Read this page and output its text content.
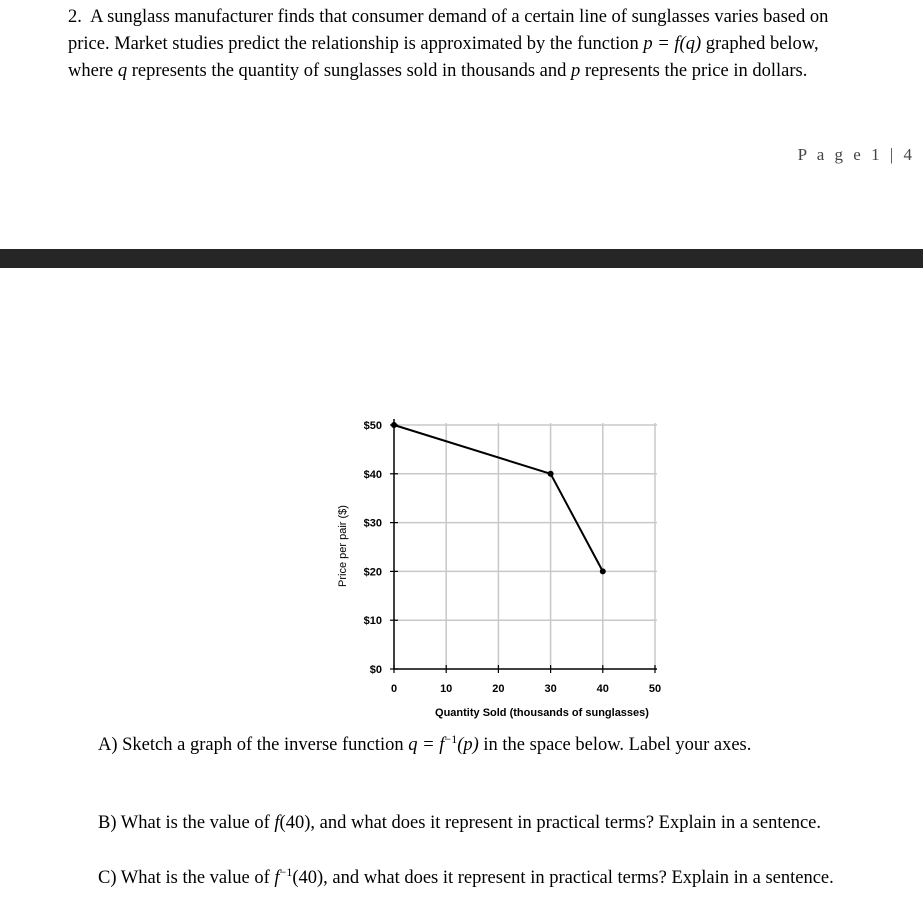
2. A sunglass manufacturer finds that consumer demand of a certain line of sunglasses varies based on
price. Market studies predict the relationship is approximated by the function p = f(q) graphed below,
where q represents the quantity of sunglasses sold in thousands and p represents the price in dollars.
P a g e 1 | 4
0	10	20	30	40	50
$0
$10
$20
$30
$40
$50
Quantity Sold (thousands of sunglasses)
Price per pair ($)
A) Sketch a graph of the inverse function $q = f^{-1}(p)$ in the space below. Label your axes.
B) What is the value of f(40), and what does it represent in practical terms? Explain in a sentence.
C) What is the value of $f^{-1}(40)$, and what does it represent in practical terms? Explain in a sentence.
